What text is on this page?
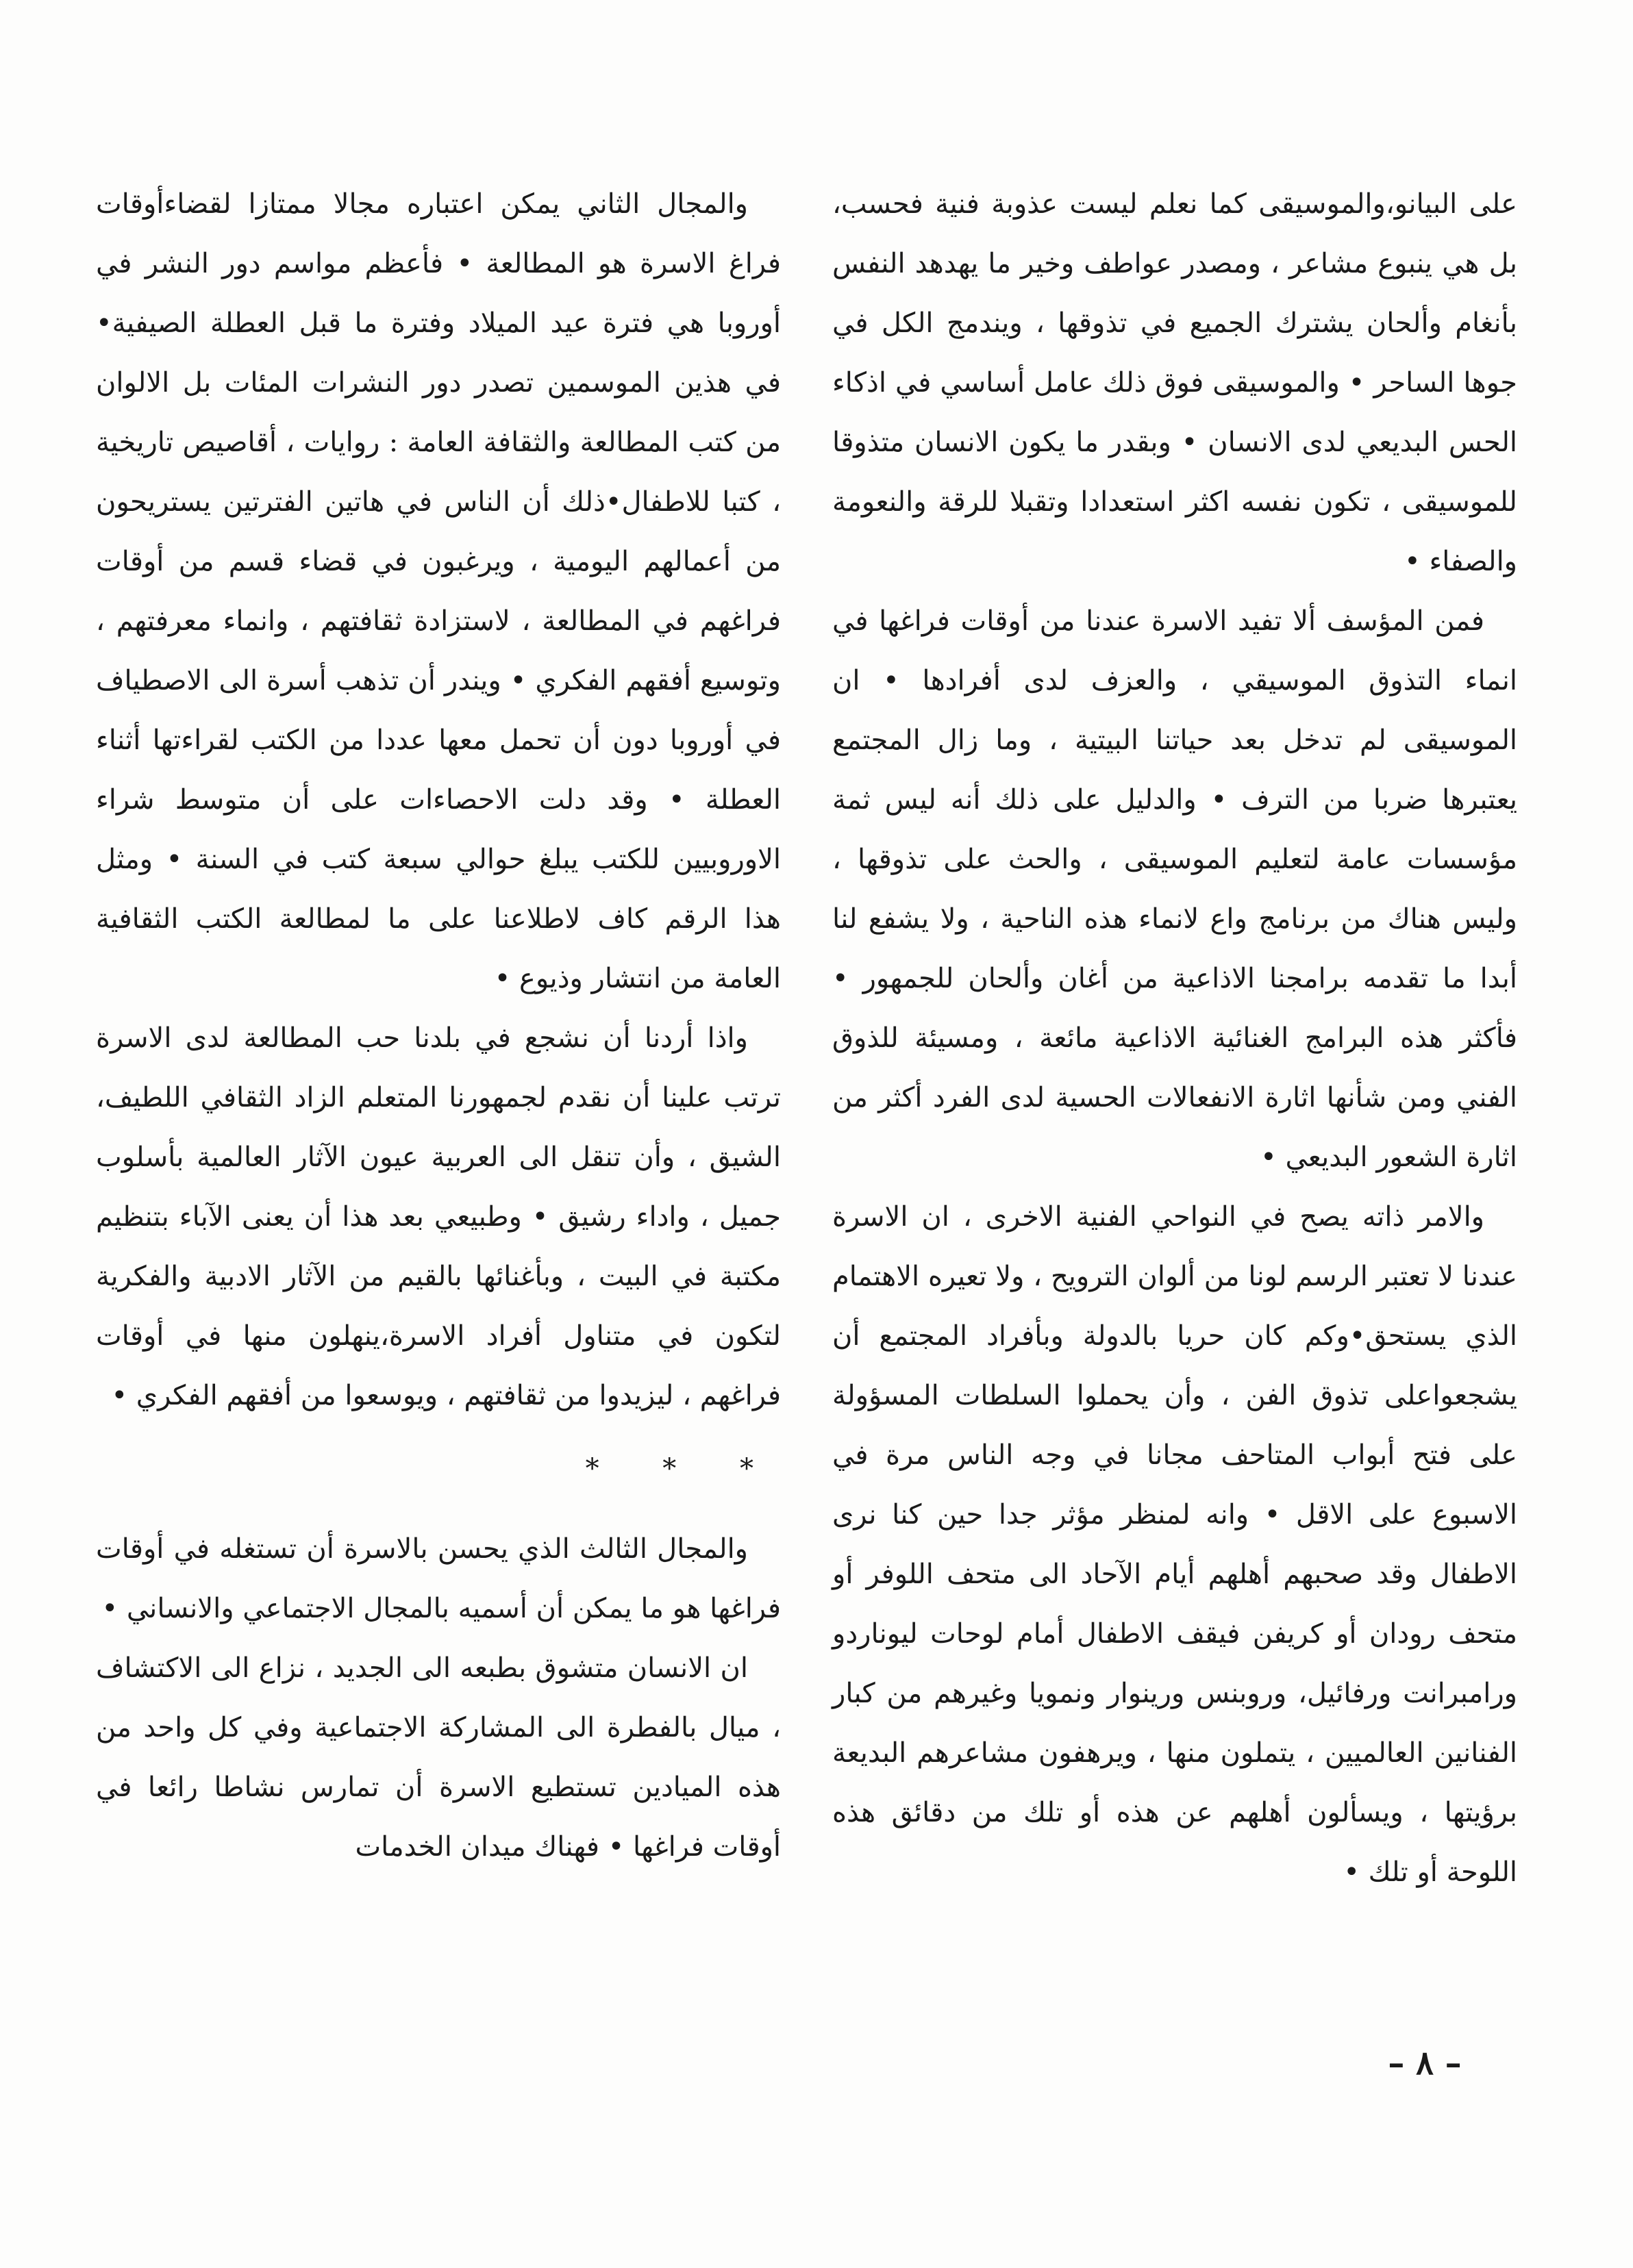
على البيانو،والموسيقى كما نعلم ليست عذوبة فنية فحسب، بل هي ينبوع مشاعر ، ومصدر عواطف وخير ما يهدهد النفس بأنغام وألحان يشترك الجميع في تذوقها ، ويندمج الكل في جوها الساحر • والموسيقى فوق ذلك عامل أساسي في اذكاء الحس البديعي لدى الانسان • وبقدر ما يكون الانسان متذوقا للموسيقى ، تكون نفسه اكثر استعدادا وتقبلا للرقة والنعومة والصفاء •

فمن المؤسف ألا تفيد الاسرة عندنا من أوقات فراغها في انماء التذوق الموسيقي ، والعزف لدى أفرادها • ان الموسيقى لم تدخل بعد حياتنا البيتية ، وما زال المجتمع يعتبرها ضربا من الترف • والدليل على ذلك أنه ليس ثمة مؤسسات عامة لتعليم الموسيقى ، والحث على تذوقها ، وليس هناك من برنامج واع لانماء هذه الناحية ، ولا يشفع لنا أبدا ما تقدمه برامجنا الاذاعية من أغان وألحان للجمهور • فأكثر هذه البرامج الغنائية الاذاعية مائعة ، ومسيئة للذوق الفني ومن شأنها اثارة الانفعالات الحسية لدى الفرد أكثر من اثارة الشعور البديعي •

والامر ذاته يصح في النواحي الفنية الاخرى ، ان الاسرة عندنا لا تعتبر الرسم لونا من ألوان الترويح ، ولا تعيره الاهتمام الذي يستحق•وكم كان حريا بالدولة وبأفراد المجتمع أن يشجعواعلى تذوق الفن ، وأن يحملوا السلطات المسؤولة على فتح أبواب المتاحف مجانا في وجه الناس مرة في الاسبوع على الاقل • وانه لمنظر مؤثر جدا حين كنا نرى الاطفال وقد صحبهم أهلهم أيام الآحاد الى متحف اللوفر أو متحف رودان أو كريفن فيقف الاطفال أمام لوحات ليوناردو ورامبرانت ورفائيل، وروبنس ورينوار ونمويا وغيرهم من كبار الفنانين العالميين ، يتملون منها ، ويرهفون مشاعرهم البديعة برؤيتها ، ويسألون أهلهم عن هذه أو تلك من دقائق هذه اللوحة أو تلك •

والمجال الثاني يمكن اعتباره مجالا ممتازا لقضاءأوقات فراغ الاسرة هو المطالعة • فأعظم مواسم دور النشر في أوروبا هي فترة عيد الميلاد وفترة ما قبل العطلة الصيفية• في هذين الموسمين تصدر دور النشرات المئات بل الالوان من كتب المطالعة والثقافة العامة : روايات ، أقاصيص تاريخية ، كتبا للاطفال•ذلك أن الناس في هاتين الفترتين يستريحون من أعمالهم اليومية ، ويرغبون في قضاء قسم من أوقات فراغهم في المطالعة ، لاستزادة ثقافتهم ، وانماء معرفتهم ، وتوسيع أفقهم الفكري • ويندر أن تذهب أسرة الى الاصطياف في أوروبا دون أن تحمل معها عددا من الكتب لقراءتها أثناء العطلة • وقد دلت الاحصاءات على أن متوسط شراء الاوروبيين للكتب يبلغ حوالي سبعة كتب في السنة • ومثل هذا الرقم كاف لاطلاعنا على ما لمطالعة الكتب الثقافية العامة من انتشار وذيوع •

واذا أردنا أن نشجع في بلدنا حب المطالعة لدى الاسرة ترتب علينا أن نقدم لجمهورنا المتعلم الزاد الثقافي اللطيف، الشيق ، وأن تنقل الى العربية عيون الآثار العالمية بأسلوب جميل ، واداء رشيق • وطبيعي بعد هذا أن يعنى الآباء بتنظيم مكتبة في البيت ، وبأغنائها بالقيم من الآثار الادبية والفكرية لتكون في متناول أفراد الاسرة،ينهلون منها في أوقات فراغهم ، ليزيدوا من ثقافتهم ، ويوسعوا من أفقهم الفكري •

* * *

والمجال الثالث الذي يحسن بالاسرة أن تستغله في أوقات فراغها هو ما يمكن أن أسميه بالمجال الاجتماعي والانساني •

ان الانسان متشوق بطبعه الى الجديد ، نزاع الى الاكتشاف ، ميال بالفطرة الى المشاركة الاجتماعية وفي كل واحد من هذه الميادين تستطيع الاسرة أن تمارس نشاطا رائعا في أوقات فراغها • فهناك ميدان الخدمات

– ٨ –
